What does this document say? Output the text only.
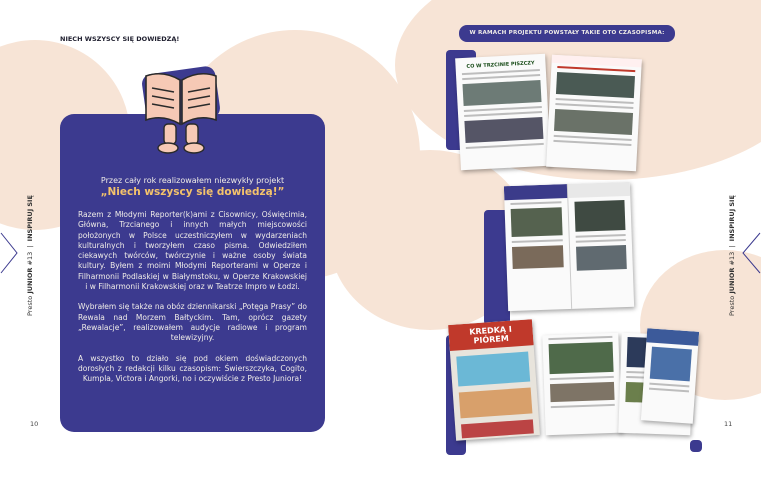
NIECH WSZYSCY SIĘ DOWIEDZĄ!
Przez cały rok realizowałem niezwykły projekt
„Niech wszyscy się dowiedzą!”

Razem z Młodymi Reporter(k)ami z Cisownicy, Oświęcimia, Główna, Trzcianego i innych małych miejscowości położonych w Polsce uczestniczyłem w wydarzeniach kulturalnych i tworzyłem czaso pisma. Odwiedziłem ciekawych twórców, twórczynie i ważne osoby świata kultury. Byłem z moimi Młodymi Reporterami w Operze i Filharmonii Podlaskiej w Białymstoku, w Operze Krakowskiej i w Filharmonii Krakowskiej oraz w Teatrze Impro w Łodzi.

Wybrałem się także na obóz dziennikarski „Potęga Prasy” do Rewala nad Morzem Bałtyckim. Tam, oprócz gazety „Rewalacje”, realizowałem audycje radiowe i program telewizyjny.

A wszystko to działo się pod okiem doświadczonych dorosłych z redakcji kilku czasopism: Świerszczyka, Cogito, Kumpla, Victora i Angorki, no i oczywiście z Presto Juniora!

10	11
Presto JUNIOR #13  |  INSPIRUJ SIĘ
Presto JUNIOR #13  |  INSPIRUJ SIĘ
W RAMACH PROJEKTU POWSTAŁY TAKIE OTO CZASOPISMA:
CO W TRZCINIE PISZCZY
KREDKĄ I PIÓREM
